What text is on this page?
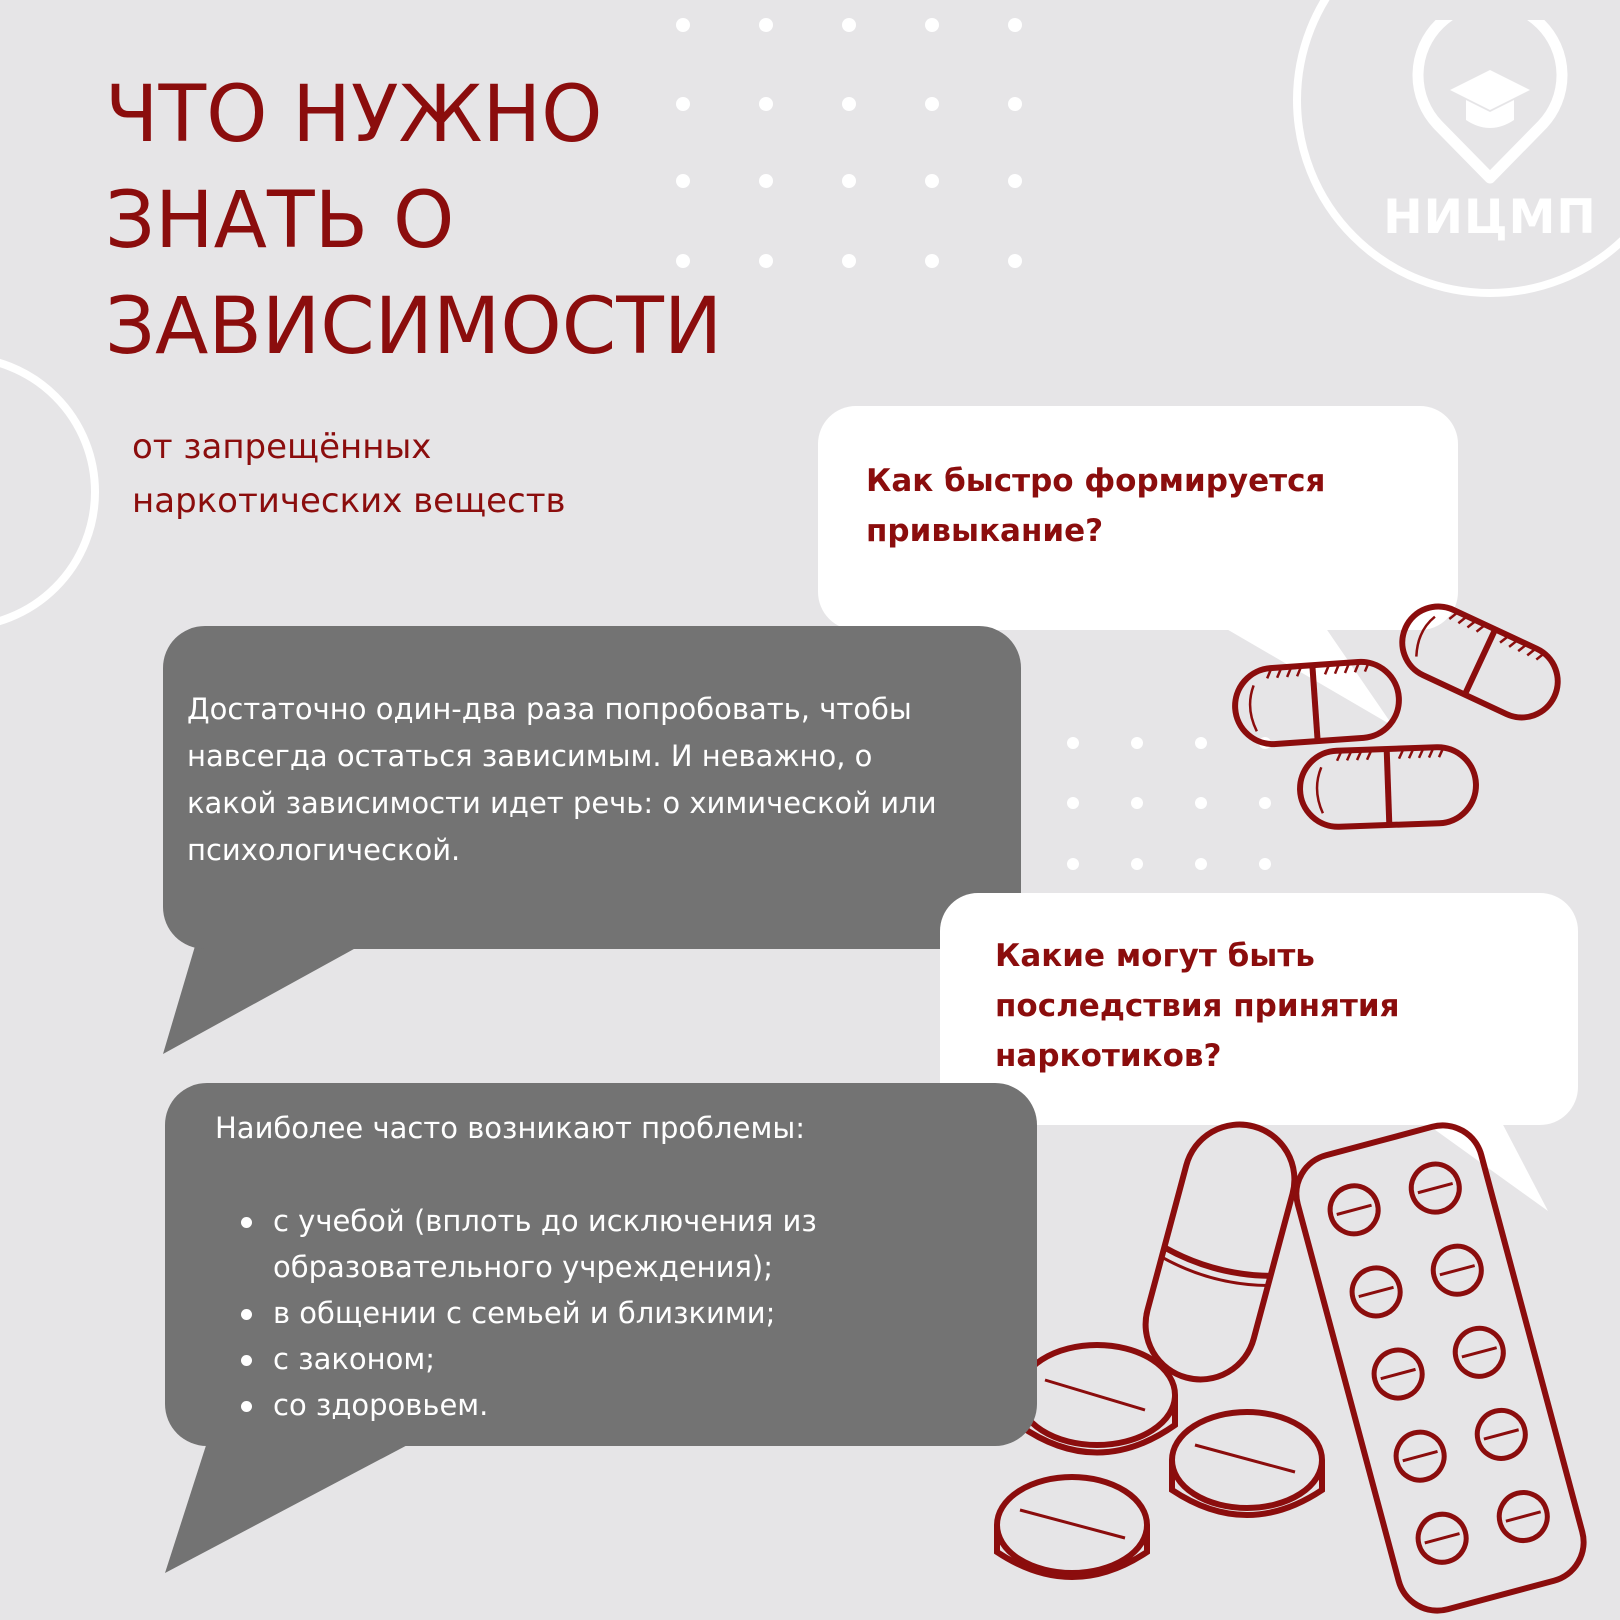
НИЦМП
ЧТО НУЖНО
ЗНАТЬ О
ЗАВИСИМОСТИ

от запрещённых
наркотических веществ	Как быстро формируется
привыкание?

Достаточно один-два раза попробовать, чтобы
навсегда остаться зависимым. И неважно, о
какой зависимости идет речь: о химической или
психологической.

Какие могут быть
последствия принятия
наркотиков?

Наиболее часто возникают проблемы:

с учебой (вплоть до исключения из
образовательного учреждения);
в общении с семьей и близкими;
с законом;
со здоровьем.
